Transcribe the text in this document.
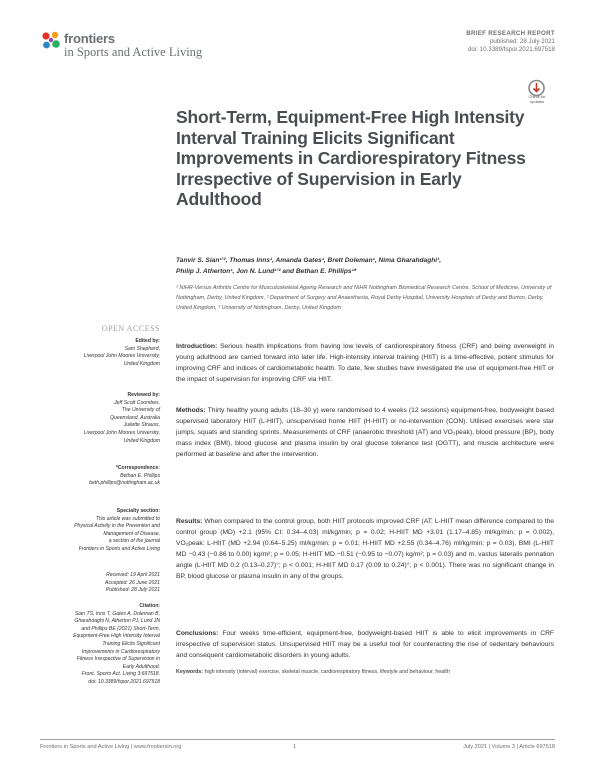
frontiers
in Sports and Active Living
BRIEF RESEARCH REPORT
published: 28 July 2021
doi: 10.3389/fspor.2021.697518
Check for updates
Short-Term, Equipment-Free High Intensity Interval Training Elicits Significant Improvements in Cardiorespiratory Fitness Irrespective of Supervision in Early Adulthood
Tanvir S. Sian¹ʼ², Thomas Inns¹, Amanda Gates¹, Brett Doleman¹, Nima Gharahdaghi¹,
Philip J. Atherton¹, Jon N. Lund¹ʼ² and Bethan E. Phillips¹*
¹ NIHR-Versus Arthritis Centre for Musculoskeletal Ageing Research and NIHR Nottingham Biomedical Research Centre, School of Medicine, University of Nottingham, Derby, United Kingdom, ² Department of Surgery and Anaesthesia, Royal Derby Hospital, University Hospitals of Derby and Burton, Derby, United Kingdom, ³ University of Nottingham, Derby, United Kingdom
OPEN ACCESS
Edited by:
Sam Shepherd,
Liverpool John Moores University,
United Kingdom
Reviewed by:
Jeff Scott Coombes,
The University of
Queensland, Australia
Juliette Strauss,
Liverpool John Moores University,
United Kingdom
*Correspondence:
Bethan E. Phillips
beth.phillips@nottingham.ac.uk
Specialty section:
This article was submitted to
Physical Activity in the Prevention and
Management of Disease,
a section of the journal
Frontiers in Sports and Active Living
Received: 19 April 2021
Accepted: 26 June 2021
Published: 28 July 2021
Citation:
Sian TS, Inns T, Gates A, Doleman B,
Gharahdaghi N, Atherton PJ, Lund JN
and Phillips BE (2021) Short-Term,
Equipment-Free High Intensity Interval
Training Elicits Significant
Improvements in Cardiorespiratory
Fitness Irrespective of Supervision in
Early Adulthood.
Front. Sports Act. Living 3:697518.
doi: 10.3389/fspor.2021.697518

Introduction: Serious health implications from having low levels of cardiorespiratory fitness (CRF) and being overweight in young adulthood are carried forward into later life. High-intensity interval training (HIIT) is a time-effective, potent stimulus for improving CRF and indices of cardiometabolic health. To date, few studies have investigated the use of equipment-free HIIT or the impact of supervision for improving CRF via HIIT.

Methods: Thirty healthy young adults (18–30 y) were randomised to 4 weeks (12 sessions) equipment-free, bodyweight based supervised laboratory HIIT (L-HIIT), unsupervised home HIIT (H-HIIT) or no-intervention (CON). Utilised exercises were star jumps, squats and standing sprints. Measurements of CRF (anaerobic threshold (AT) and VO₂peak), blood pressure (BP), body mass index (BMI), blood glucose and plasma insulin by oral glucose tolerance test (OGTT), and muscle architecture were performed at baseline and after the intervention.

Results: When compared to the control group, both HIIT protocols improved CRF (AT: L-HIIT mean difference compared to the control group (MD) +2.1 (95% CI: 0.34–4.03) ml/kg/min; p = 0.02; H-HIIT MD +3.01 (1.17–4.85) ml/kg/min; p = 0.002), VO₂peak: L-HIIT (MD +2.94 (0.64–5.25) ml/kg/min; p = 0.01; H-HIIT MD +2.55 (0.34–4.76) ml/kg/min; p = 0.03), BMI (L-HIIT MD −0.43 (−0.86 to 0.00) kg/m²; p = 0.05; H-HIIT MD −0.51 (−0.95 to −0.07) kg/m²; p = 0.03) and m. vastus lateralis pennation angle (L-HIIT MD 0.2 (0.13–0.27)°; p < 0.001; H-HIIT MD 0.17 (0.09 to 0.24)°; p < 0.001). There was no significant change in BP, blood glucose or plasma insulin in any of the groups.

Conclusions: Four weeks time-efficient, equipment-free, bodyweight-based HIIT is able to elicit improvements in CRF irrespective of supervision status. Unsupervised HIIT may be a useful tool for counteracting the rise of sedentary behaviours and consequent cardiometabolic disorders in young adults.

Keywords: high intensity (interval) exercise, skeletal muscle, cardiorespiratory fitness, lifestyle and behaviour, health

Frontiers in Sports and Active Living | www.frontiersin.org	1	July 2021 | Volume 3 | Article 697518
